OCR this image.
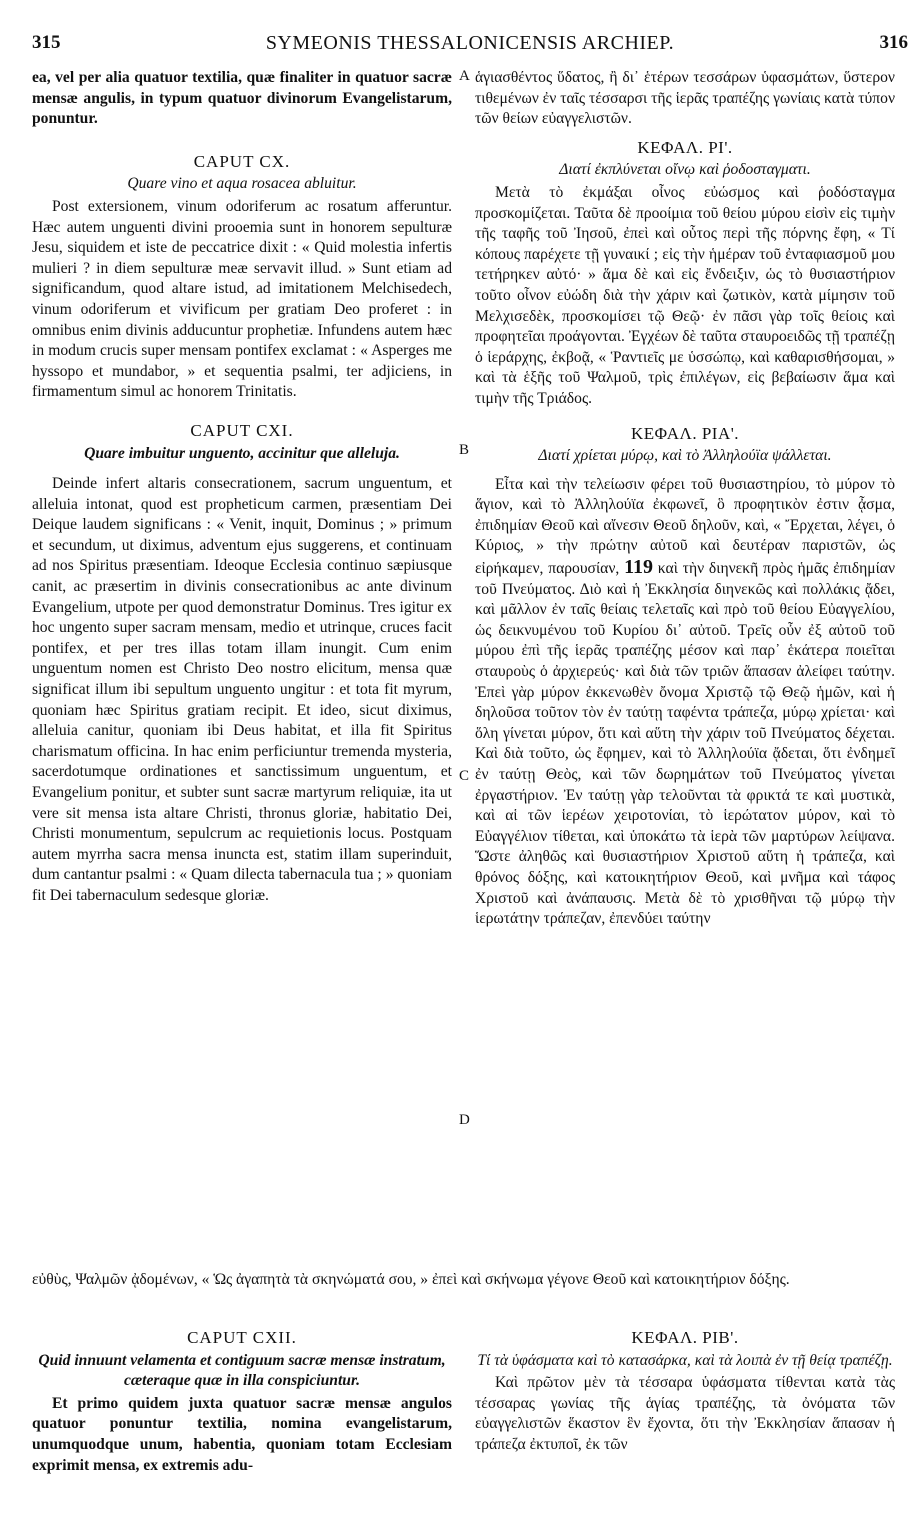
315	SYMEONIS THESSALONICENSIS ARCHIEP.	316
A
B
C
D

ea, vel per alia quatuor textilia, quæ finaliter in quatuor sacræ mensæ angulis, in typum quatuor divinorum Evangelistarum, ponuntur.

CAPUT CX.
Quare vino et aqua rosacea abluitur.

Post extersionem, vinum odoriferum ac rosatum afferuntur. Hæc autem unguenti divini prooemia sunt in honorem sepulturæ Jesu, siquidem et iste de peccatrice dixit : « Quid molestia infertis mulieri ? in diem sepulturæ meæ servavit illud. » Sunt etiam ad significandum, quod altare istud, ad imitationem Melchisedech, vinum odoriferum et vivificum per gratiam Deo proferet : in omnibus enim divinis adducuntur prophetiæ. Infundens autem hæc in modum crucis super mensam pontifex exclamat : « Asperges me hyssopo et mundabor, » et sequentia psalmi, ter adjiciens, in firmamentum simul ac honorem Trinitatis.

CAPUT CXI.
Quare imbuitur unguento, accinitur que alleluja.

Deinde infert altaris consecrationem, sacrum unguentum, et alleluia intonat, quod est propheticum carmen, præsentiam Dei Deique laudem significans : « Venit, inquit, Dominus ; » primum et secundum, ut diximus, adventum ejus suggerens, et continuam ad nos Spiritus præsentiam. Ideoque Ecclesia continuo sæpiusque canit, ac præsertim in divinis consecrationibus ac ante divinum Evangelium, utpote per quod demonstratur Dominus. Tres igitur ex hoc ungento super sacram mensam, medio et utrinque, cruces facit pontifex, et per tres illas totam illam inungit. Cum enim unguentum nomen est Christo Deo nostro elicitum, mensa quæ significat illum ibi sepultum unguento ungitur : et tota fit myrum, quoniam hæc Spiritus gratiam recipit. Et ideo, sicut diximus, alleluia canitur, quoniam ibi Deus habitat, et illa fit Spiritus charismatum officina. In hac enim perficiuntur tremenda mysteria, sacerdotumque ordinationes et sanctissimum unguentum, et Evangelium ponitur, et subter sunt sacræ martyrum reliquiæ, ita ut vere sit mensa ista altare Christi, thronus gloriæ, habitatio Dei, Christi monumentum, sepulcrum ac requietionis locus. Postquam autem myrrha sacra mensa inuncta est, statim illam superinduit, dum cantantur psalmi : « Quam dilecta tabernacula tua ; » quoniam fit Dei tabernaculum sedesque gloriæ.

ἁγιασθέντος ὕδατος, ἢ δι᾿ ἑτέρων τεσσάρων ὑφασμάτων, ὕστερον τιθεμένων ἐν ταῖς τέσσαρσι τῆς ἱερᾶς τραπέζης γωνίαις κατὰ τύπον τῶν θείων εὐαγγελιστῶν.

ΚΕΦΑΛ. ΡΙ'.
Διατί ἐκπλύνεται οἴνῳ καὶ ῥοδοσταγματι.

Μετὰ τὸ ἐκμάξαι οἶνος εὐώσμος καὶ ῥοδόσταγμα προσκομίζεται. Ταῦτα δὲ προοίμια τοῦ θείου μύρου εἰσὶν εἰς τιμὴν τῆς ταφῆς τοῦ Ἰησοῦ, ἐπεὶ καὶ οὗτος περὶ τῆς πόρνης ἔφη, « Τί κόπους παρέχετε τῇ γυναικί ; εἰς τὴν ἡμέραν τοῦ ἐνταφιασμοῦ μου τετήρηκεν αὐτό· » ἅμα δὲ καὶ εἰς ἔνδειξιν, ὡς τὸ θυσιαστήριον τοῦτο οἶνον εὐώδη διὰ τὴν χάριν καὶ ζωτικὸν, κατὰ μίμησιν τοῦ Μελχισεδὲκ, προσκομίσει τῷ Θεῷ· ἐν πᾶσι γὰρ τοῖς θείοις καὶ προφητεῖαι προάγονται. Ἐγχέων δὲ ταῦτα σταυροειδῶς τῇ τραπέζῃ ὁ ἱεράρχης, ἐκβοᾷ, « Ῥαντιεῖς με ὑσσώπῳ, καὶ καθαρισθήσομαι, » καὶ τὰ ἑξῆς τοῦ Ψαλμοῦ, τρὶς ἐπιλέγων, εἰς βεβαίωσιν ἅμα καὶ τιμὴν τῆς Τριάδος.

ΚΕΦΑΛ. ΡΙΑ'.
Διατί χρίεται μύρῳ, καὶ τὸ Ἀλληλούϊα ψάλλεται.

Εἶτα καὶ τὴν τελείωσιν φέρει τοῦ θυσιαστηρίου, τὸ μύρον τὸ ἅγιον, καὶ τὸ Ἀλληλούϊα ἐκφωνεῖ, ὃ προφητικὸν ἐστιν ᾆσμα, ἐπιδημίαν Θεοῦ καὶ αἴνεσιν Θεοῦ δηλοῦν, καὶ, « Ἔρχεται, λέγει, ὁ Κύριος, » τὴν πρώτην αὐτοῦ καὶ δευτέραν παριστῶν, ὡς εἰρήκαμεν, παρουσίαν, 119 καὶ τὴν διηνεκῆ πρὸς ἡμᾶς ἐπιδημίαν τοῦ Πνεύματος. Διὸ καὶ ἡ Ἐκκλησία διηνεκῶς καὶ πολλάκις ᾄδει, καὶ μᾶλλον ἐν ταῖς θείαις τελεταῖς καὶ πρὸ τοῦ θείου Εὐαγγελίου, ὡς δεικνυμένου τοῦ Κυρίου δι᾿ αὐτοῦ. Τρεῖς οὖν ἐξ αὐτοῦ τοῦ μύρου ἐπὶ τῆς ἱερᾶς τραπέζης μέσον καὶ παρ᾿ ἑκάτερα ποιεῖται σταυροὺς ὁ ἀρχιερεύς· καὶ διὰ τῶν τριῶν ἅπασαν ἀλείφει ταύτην. Ἐπεὶ γὰρ μύρον ἐκκενωθὲν ὄνομα Χριστῷ τῷ Θεῷ ἡμῶν, καὶ ἡ δηλοῦσα τοῦτον τὸν ἐν ταύτῃ ταφέντα τράπεζα, μύρῳ χρίεται· καὶ ὅλη γίνεται μύρον, ὅτι καὶ αὕτη τὴν χάριν τοῦ Πνεύματος δέχεται. Καὶ διὰ τοῦτο, ὡς ἔφημεν, καὶ τὸ Ἀλληλούϊα ᾄδεται, ὅτι ἐνδημεῖ ἐν ταύτῃ Θεὸς, καὶ τῶν δωρημάτων τοῦ Πνεύματος γίνεται ἐργαστήριον. Ἐν ταύτῃ γὰρ τελοῦνται τὰ φρικτά τε καὶ μυστικὰ, καὶ αἱ τῶν ἱερέων χειροτονίαι, τὸ ἱερώτατον μύρον, καὶ τὸ Εὐαγγέλιον τίθεται, καὶ ὑποκάτω τὰ ἱερὰ τῶν μαρτύρων λείψανα. Ὥστε ἀληθῶς καὶ θυσιαστήριον Χριστοῦ αὕτη ἡ τράπεζα, καὶ θρόνος δόξης, καὶ κατοικητήριον Θεοῦ, καὶ μνῆμα καὶ τάφος Χριστοῦ καὶ ἀνάπαυσις. Μετὰ δὲ τὸ χρισθῆναι τῷ μύρῳ τὴν ἱερωτάτην τράπεζαν, ἐπενδύει ταύτην

εὐθὺς, Ψαλμῶν ᾀδομένων, « Ὡς ἀγαπητὰ τὰ σκηνώματά σου, » ἐπεὶ καὶ σκήνωμα γέγονε Θεοῦ καὶ κατοικητήριον δόξης.
CAPUT CXII.
Quid innuunt velamenta et contiguum sacræ mensæ instratum, cæteraque quæ in illa conspiciuntur.

Et primo quidem juxta quatuor sacræ mensæ angulos quatuor ponuntur textilia, nomina evangelistarum, unumquodque unum, habentia, quoniam totam Ecclesiam exprimit mensa, ex extremis adu-

ΚΕΦΑΛ. ΡΙΒ'.
Τί τὰ ὑφάσματα καὶ τὸ κατασάρκα, καὶ τὰ λοιπὰ ἐν τῇ θείᾳ τραπέζῃ.

Καὶ πρῶτον μὲν τὰ τέσσαρα ὑφάσματα τίθενται κατὰ τὰς τέσσαρας γωνίας τῆς ἁγίας τραπέζης, τὰ ὀνόματα τῶν εὐαγγελιστῶν ἕκαστον ἓν ἔχοντα, ὅτι τὴν Ἐκκλησίαν ἅπασαν ἡ τράπεζα ἐκτυποῖ, ἐκ τῶν
